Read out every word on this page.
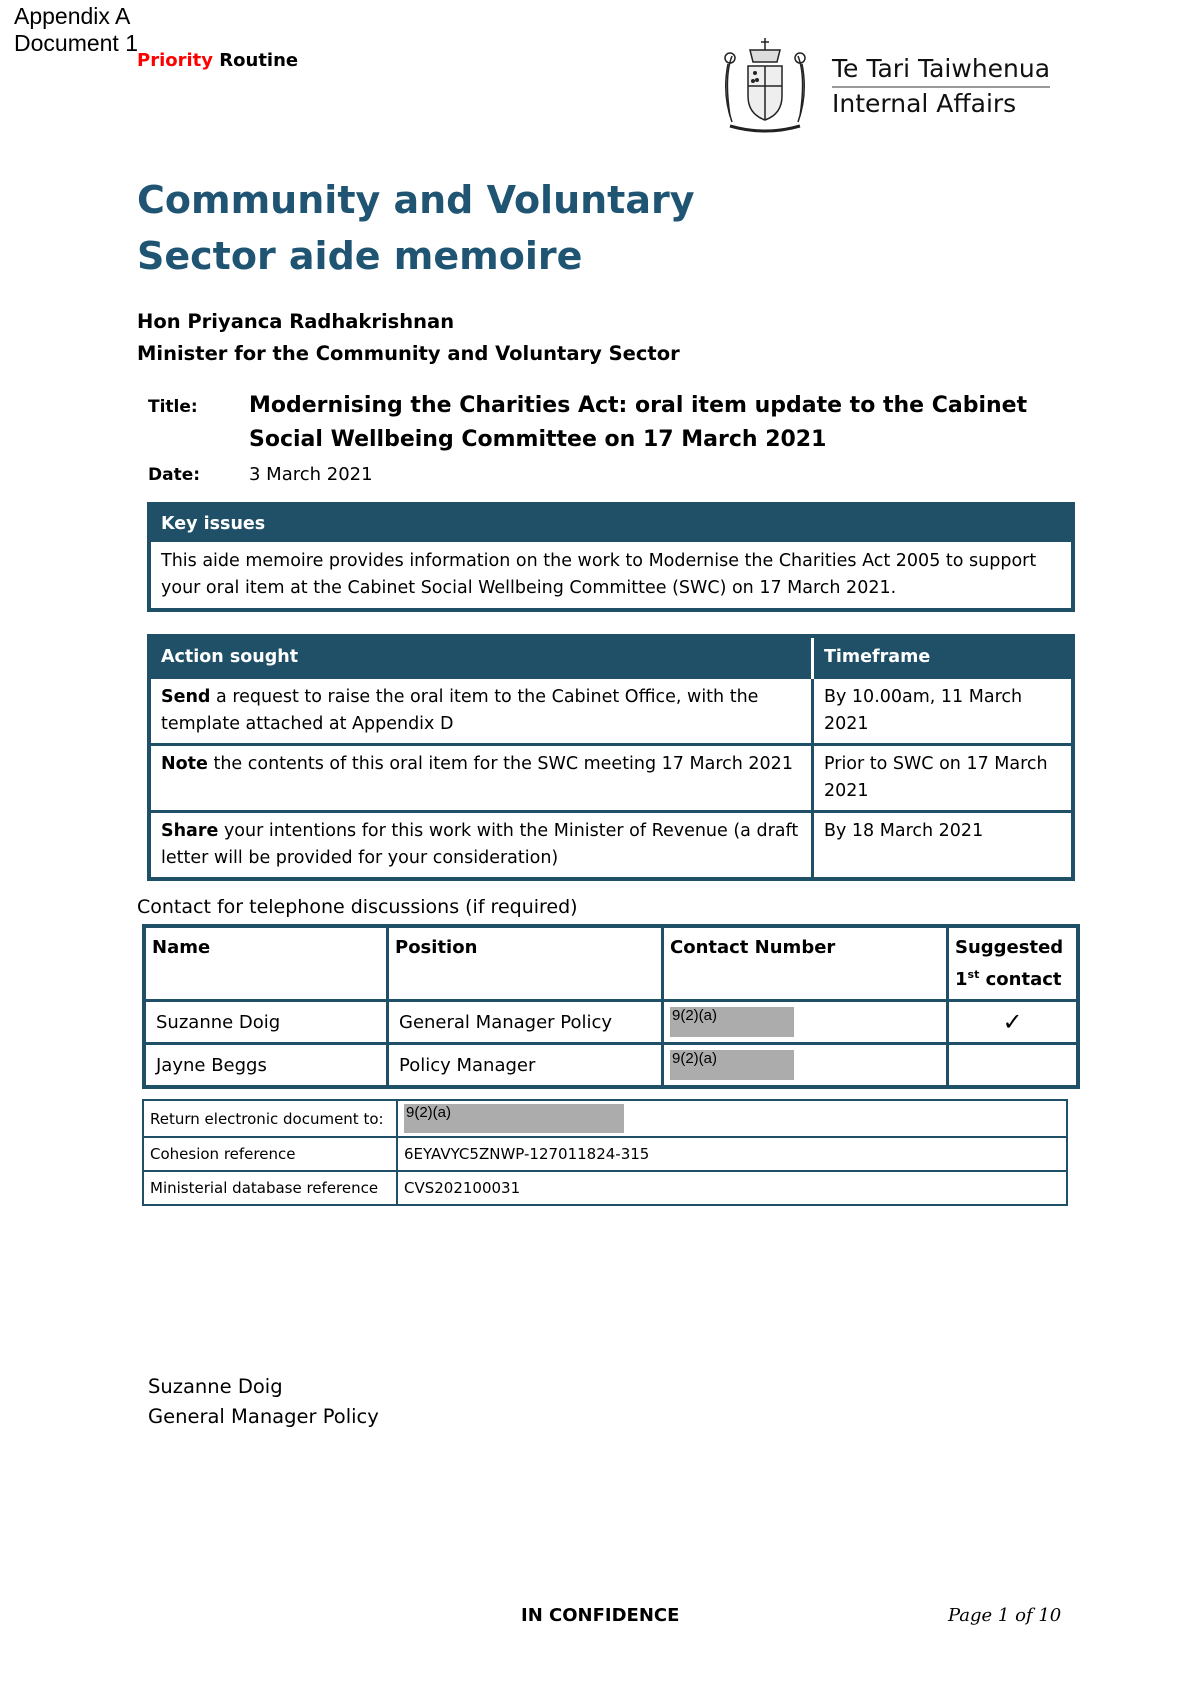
Appendix A
Document 1
Priority Routine	Te Tari Taiwhenua
Internal Affairs
Community and Voluntary
Sector aide memoire
Hon Priyanca Radhakrishnan
Minister for the Community and Voluntary Sector
Title: Modernising the Charities Act: oral item update to the Cabinet Social Wellbeing Committee on 17 March 2021
Date:	3 March 2021
Key issues
This aide memoire provides information on the work to Modernise the Charities Act 2005 to support your oral item at the Cabinet Social Wellbeing Committee (SWC) on 17 March 2021.
Action sought	Timeframe
Send a request to raise the oral item to the Cabinet Office, with the template attached at Appendix D	By 10.00am, 11 March 2021
Note the contents of this oral item for the SWC meeting 17 March 2021	Prior to SWC on 17 March 2021
Share your intentions for this work with the Minister of Revenue (a draft letter will be provided for your consideration)	By 18 March 2021
Contact for telephone discussions (if required)
Name	Position	Contact Number	Suggested
1st contact

Suzanne Doig	General Manager Policy	9(2)(a)	✓
Jayne Beggs	Policy Manager	9(2)(a)	
Return electronic document to:	9(2)(a)
Cohesion reference	6EYAVYC5ZNWP-127011824-315
Ministerial database reference	CVS202100031
Suzanne Doig
General Manager Policy
IN CONFIDENCE	Page 1 of 10
